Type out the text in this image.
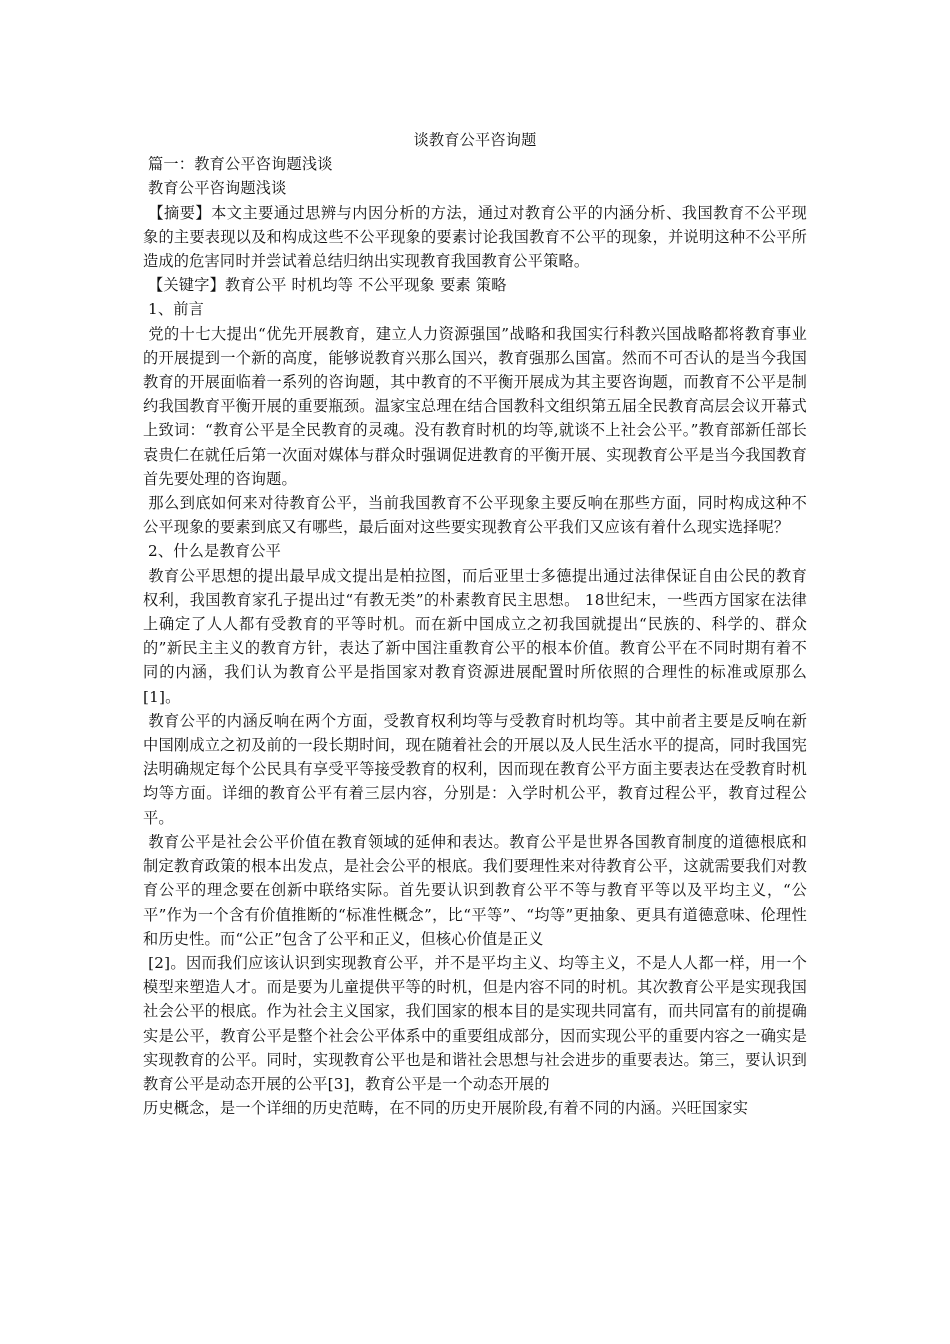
谈教育公平咨询题

篇一：教育公平咨询题浅谈

教育公平咨询题浅谈

【摘要】本文主要通过思辨与内因分析的方法，通过对教育公平的内涵分析、我国教育不公平现象的主要表现以及和构成这些不公平现象的要素讨论我国教育不公平的现象，并说明这种不公平所造成的危害同时并尝试着总结归纳出实现教育我国教育公平策略。

【关键字】教育公平 时机均等 不公平现象 要素 策略

1、前言

党的十七大提出“优先开展教育，建立人力资源强国”战略和我国实行科教兴国战略都将教育事业的开展提到一个新的高度，能够说教育兴那么国兴，教育强那么国富。然而不可否认的是当今我国教育的开展面临着一系列的咨询题，其中教育的不平衡开展成为其主要咨询题，而教育不公平是制约我国教育平衡开展的重要瓶颈。温家宝总理在结合国教科文组织第五届全民教育高层会议开幕式上致词：“教育公平是全民教育的灵魂。没有教育时机的均等,就谈不上社会公平。”教育部新任部长袁贵仁在就任后第一次面对媒体与群众时强调促进教育的平衡开展、实现教育公平是当今我国教育首先要处理的咨询题。

那么到底如何来对待教育公平，当前我国教育不公平现象主要反响在那些方面，同时构成这种不公平现象的要素到底又有哪些，最后面对这些要实现教育公平我们又应该有着什么现实选择呢？

2、什么是教育公平

教育公平思想的提出最早成文提出是柏拉图，而后亚里士多德提出通过法律保证自由公民的教育权利，我国教育家孔子提出过“有教无类”的朴素教育民主思想。 18世纪末，一些西方国家在法律上确定了人人都有受教育的平等时机。而在新中国成立之初我国就提出“民族的、科学的、群众的”新民主主义的教育方针，表达了新中国注重教育公平的根本价值。教育公平在不同时期有着不同的内涵，我们认为教育公平是指国家对教育资源进展配置时所依照的合理性的标准或原那么[1]。

教育公平的内涵反响在两个方面，受教育权利均等与受教育时机均等。其中前者主要是反响在新中国刚成立之初及前的一段长期时间，现在随着社会的开展以及人民生活水平的提高，同时我国宪法明确规定每个公民具有享受平等接受教育的权利，因而现在教育公平方面主要表达在受教育时机均等方面。详细的教育公平有着三层内容，分别是：入学时机公平，教育过程公平，教育过程公平。

教育公平是社会公平价值在教育领域的延伸和表达。教育公平是世界各国教育制度的道德根底和制定教育政策的根本出发点，是社会公平的根底。我们要理性来对待教育公平，这就需要我们对教育公平的理念要在创新中联络实际。首先要认识到教育公平不等与教育平等以及平均主义，“公平”作为一个含有价值推断的“标准性概念”，比“平等”、“均等”更抽象、更具有道德意味、伦理性和历史性。而“公正”包含了公平和正义，但核心价值是正义

[2]。因而我们应该认识到实现教育公平，并不是平均主义、均等主义，不是人人都一样，用一个模型来塑造人才。而是要为儿童提供平等的时机，但是内容不同的时机。其次教育公平是实现我国社会公平的根底。作为社会主义国家，我们国家的根本目的是实现共同富有，而共同富有的前提确实是公平，教育公平是整个社会公平体系中的重要组成部分，因而实现公平的重要内容之一确实是实现教育的公平。同时，实现教育公平也是和谐社会思想与社会进步的重要表达。第三，要认识到教育公平是动态开展的公平[3]，教育公平是一个动态开展的

历史概念，是一个详细的历史范畴，在不同的历史开展阶段,有着不同的内涵。兴旺国家实
